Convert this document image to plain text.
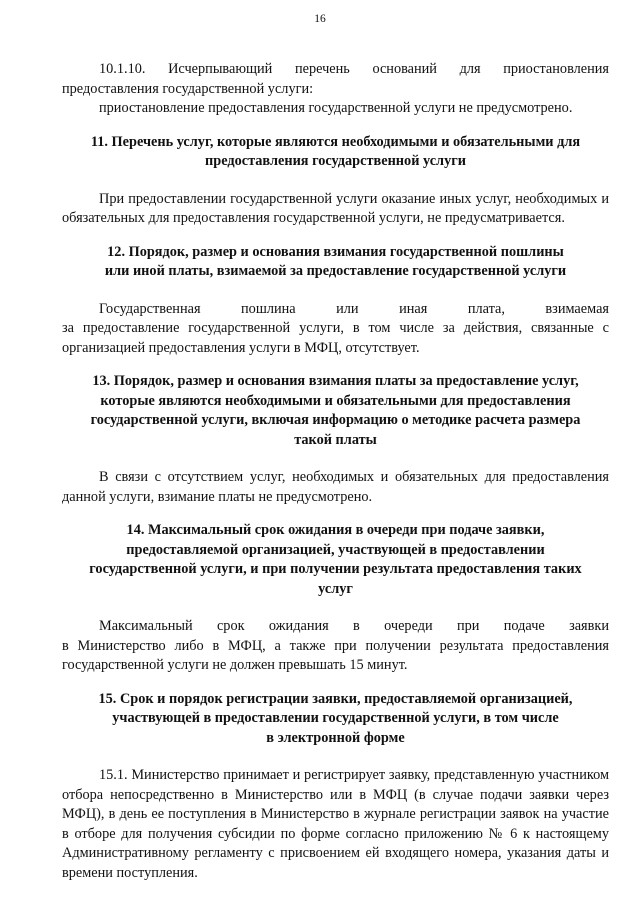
16

10.1.10. Исчерпывающий перечень оснований для приостановления

предоставления государственной услуги:

приостановление предоставления государственной услуги не предусмотрено.

11. Перечень услуг, которые являются необходимыми и обязательными для

предоставления государственной услуги

При предоставлении государственной услуги оказание иных услуг, необходимых и обязательных для предоставления государственной услуги, не предусматривается.

12. Порядок, размер и основания взимания государственной пошлины

или иной платы, взимаемой за предоставление государственной услуги

Государственная пошлина или иная плата, взимаемая

за предоставление государственной услуги, в том числе за действия, связанные с организацией предоставления услуги в МФЦ, отсутствует.

13. Порядок, размер и основания взимания платы за предоставление услуг,

которые являются необходимыми и обязательными для предоставления

государственной услуги, включая информацию о методике расчета размера

такой платы

В связи с отсутствием услуг, необходимых и обязательных для предоставления данной услуги, взимание платы не предусмотрено.

14. Максимальный срок ожидания в очереди при подаче заявки,

предоставляемой организацией, участвующей в предоставлении

государственной услуги, и при получении результата предоставления таких

услуг

Максимальный срок ожидания в очереди при подаче заявки

в Министерство либо в МФЦ, а также при получении результата предоставления государственной услуги не должен превышать 15 минут.

15. Срок и порядок регистрации заявки, предоставляемой организацией,

участвующей в предоставлении государственной услуги, в том числе

в электронной форме

15.1. Министерство принимает и регистрирует заявку, представленную участником отбора непосредственно в Министерство или в МФЦ (в случае подачи заявки через МФЦ), в день ее поступления в Министерство в журнале регистрации заявок на участие в отборе для получения субсидии по форме согласно приложению № 6 к настоящему Административному регламенту с присвоением ей входящего номера, указания даты и времени поступления.
